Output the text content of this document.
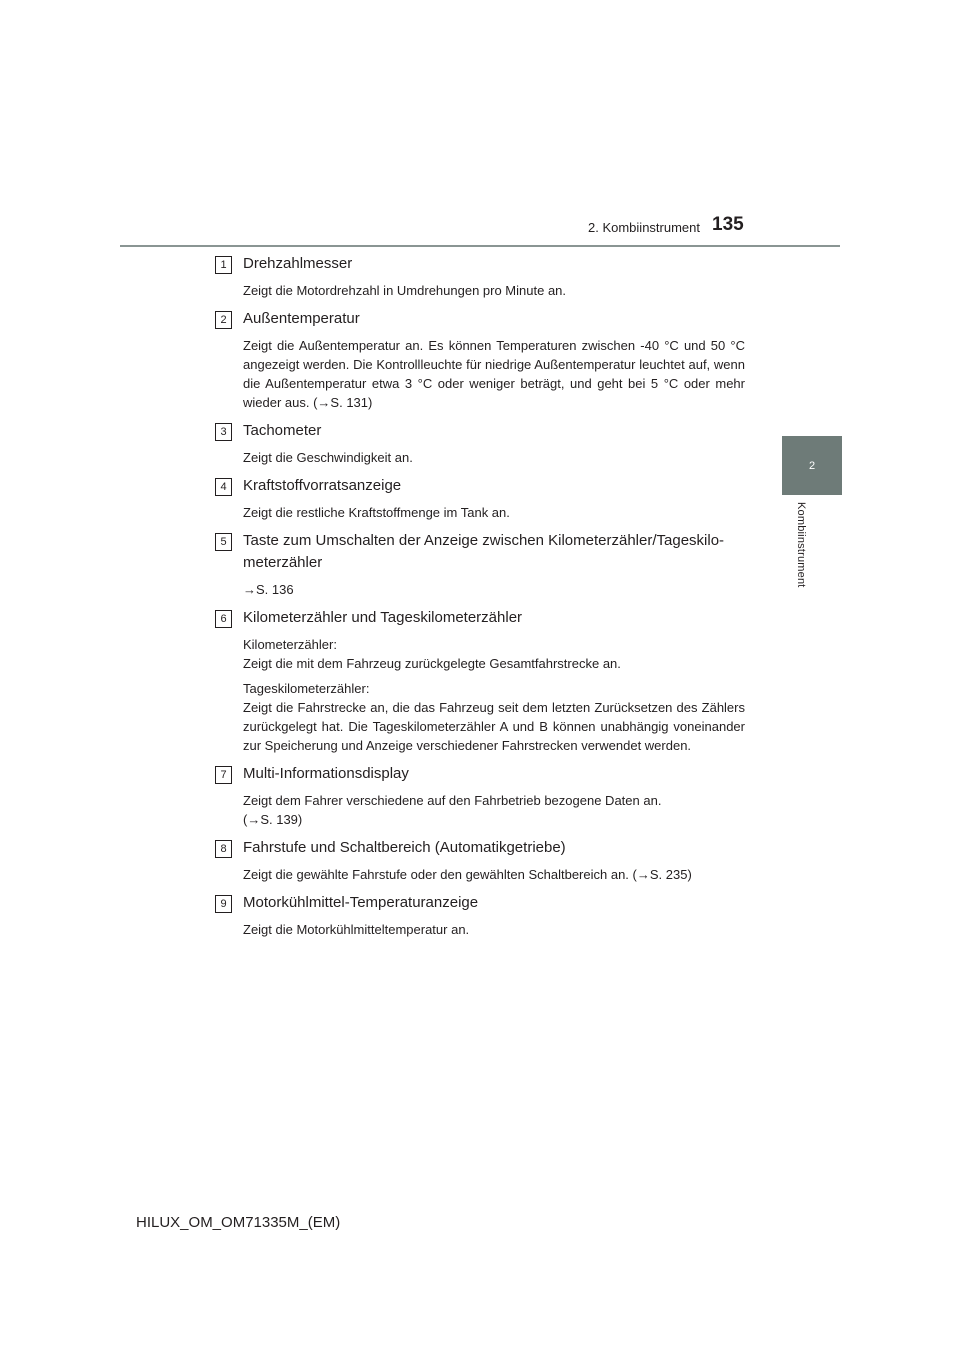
2. Kombiinstrument 135
2
Kombiinstrument
1	Drehzahlmesser

Zeigt die Motordrehzahl in Umdrehungen pro Minute an.

2	Außentemperatur

Zeigt die Außentemperatur an. Es können Temperaturen zwischen -40 °C und 50 °C angezeigt werden. Die Kontrollleuchte für niedrige Außentemperatur leuchtet auf, wenn die Außentemperatur etwa 3 °C oder weniger beträgt, und geht bei 5 °C oder mehr wieder aus. (→S. 131)

3	Tachometer

Zeigt die Geschwindigkeit an.

4	Kraftstoffvorratsanzeige

Zeigt die restliche Kraftstoffmenge im Tank an.

5	Taste zum Umschalten der Anzeige zwischen Kilometerzähler/Tageskilo-
meterzähler

→S. 136

6	Kilometerzähler und Tageskilometerzähler

Kilometerzähler:
Zeigt die mit dem Fahrzeug zurückgelegte Gesamtfahrstrecke an.

Tageskilometerzähler:
Zeigt die Fahrstrecke an, die das Fahrzeug seit dem letzten Zurücksetzen des Zählers zurückgelegt hat. Die Tageskilometerzähler A und B können unabhängig voneinander zur Speicherung und Anzeige verschiedener Fahrstrecken verwendet werden.

7	Multi-Informationsdisplay

Zeigt dem Fahrer verschiedene auf den Fahrbetrieb bezogene Daten an.
(→S. 139)

8	Fahrstufe und Schaltbereich (Automatikgetriebe)

Zeigt die gewählte Fahrstufe oder den gewählten Schaltbereich an. (→S. 235)

9	Motorkühlmittel-Temperaturanzeige

Zeigt die Motorkühlmitteltemperatur an.

HILUX_OM_OM71335M_(EM)
